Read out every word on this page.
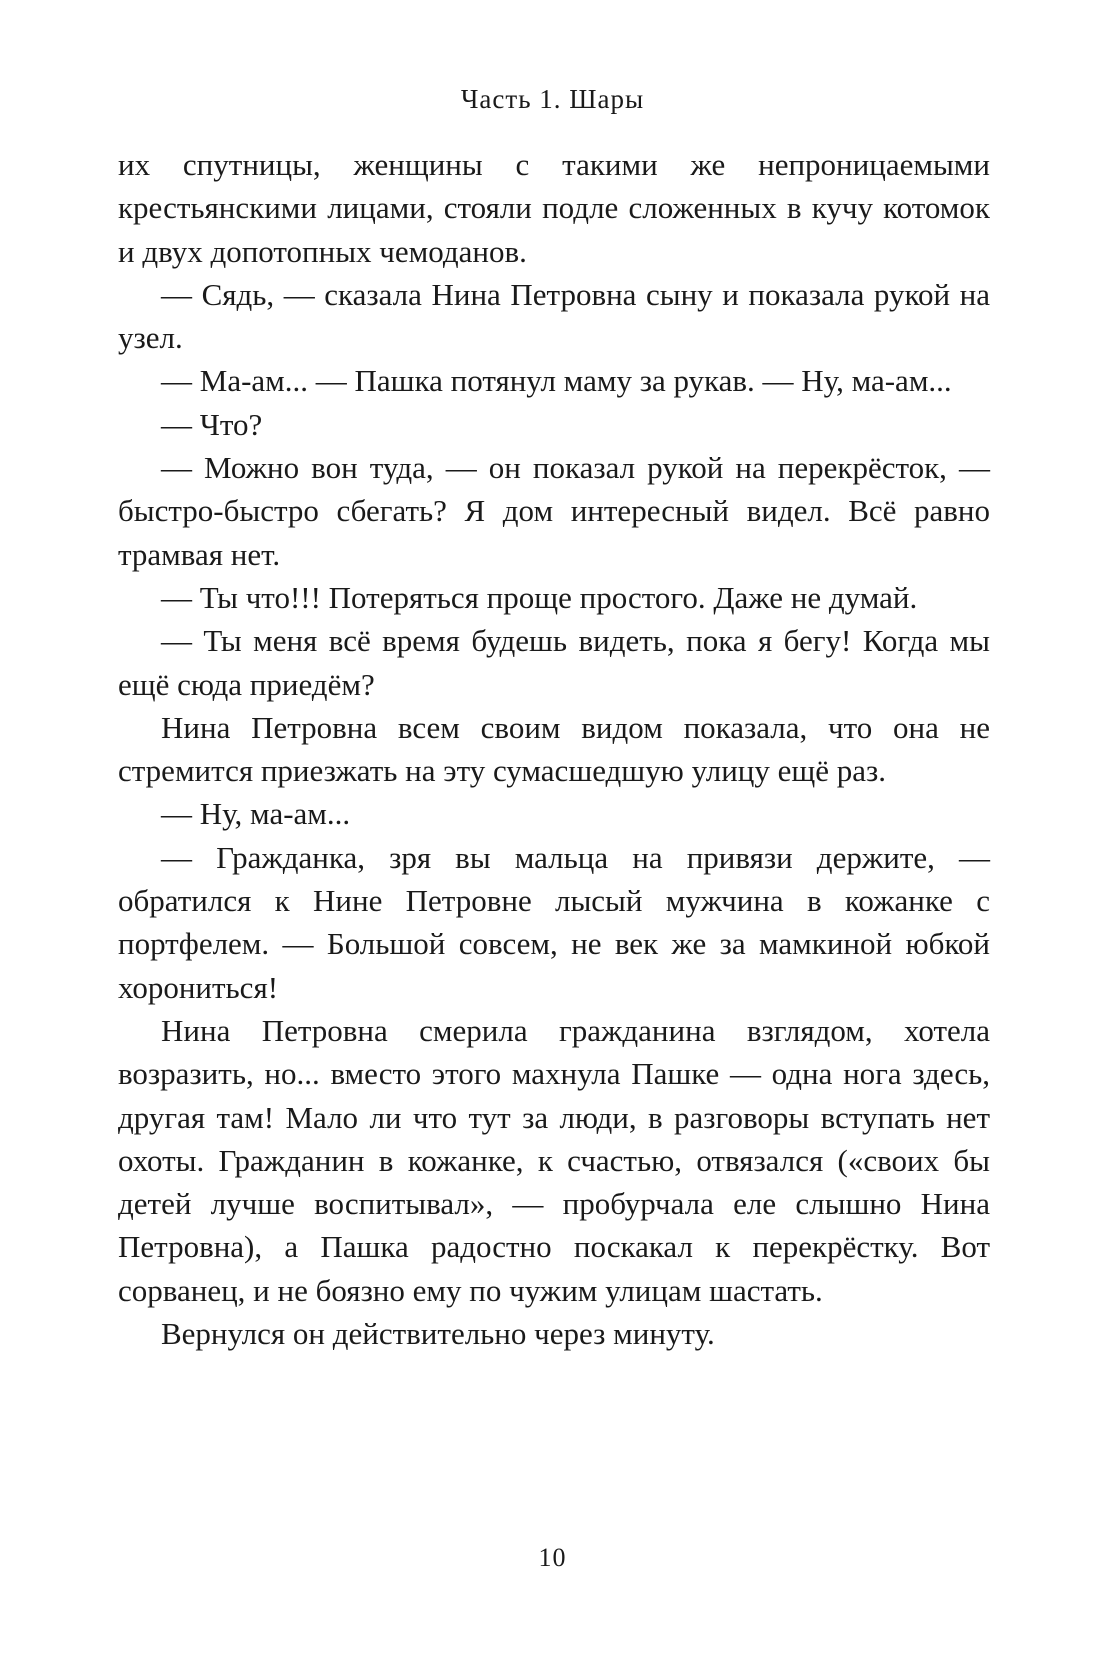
Часть 1. Шары

их спутницы, женщины с такими же непроницаемыми крестьянскими лицами, стояли подле сложенных в кучу котомок и двух допотопных чемоданов.

— Сядь, — сказала Нина Петровна сыну и показала рукой на узел.

— Ма-ам... — Пашка потянул маму за рукав. — Ну, ма-ам...

— Что?

— Можно вон туда, — он показал рукой на перекрёсток, — быстро-быстро сбегать? Я дом интересный видел. Всё равно трамвая нет.

— Ты что!!! Потеряться проще простого. Даже не думай.

— Ты меня всё время будешь видеть, пока я бегу! Когда мы ещё сюда приедём?

Нина Петровна всем своим видом показала, что она не стремится приезжать на эту сумасшедшую улицу ещё раз.

— Ну, ма-ам...

— Гражданка, зря вы мальца на привязи держите, — обратился к Нине Петровне лысый мужчина в кожанке с портфелем. — Большой совсем, не век же за мамкиной юбкой хорониться!

Нина Петровна смерила гражданина взглядом, хотела возразить, но... вместо этого махнула Пашке — одна нога здесь, другая там! Мало ли что тут за люди, в разговоры вступать нет охоты. Гражданин в кожанке, к счастью, отвязался («своих бы детей лучше воспитывал», — пробурчала еле слышно Нина Петровна), а Пашка радостно поскакал к перекрёстку. Вот сорванец, и не боязно ему по чужим улицам шастать.

Вернулся он действительно через минуту.

10
